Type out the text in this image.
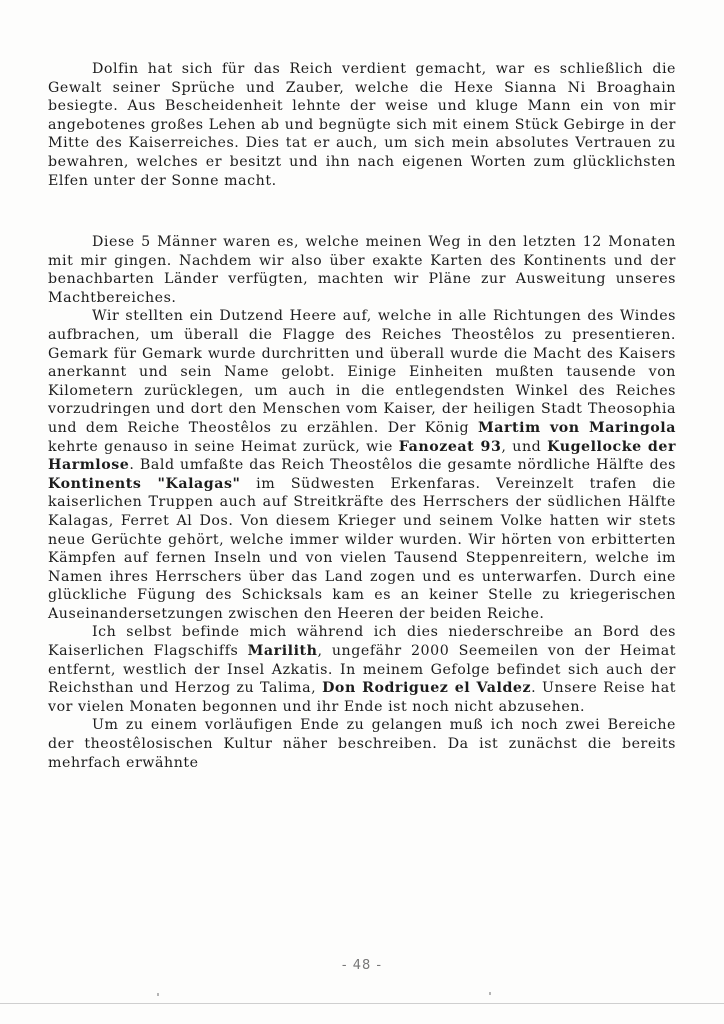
Dolfin hat sich für das Reich verdient gemacht, war es schließlich die Gewalt seiner Sprüche und Zauber, welche die Hexe Sianna Ni Broaghain besiegte. Aus Bescheidenheit lehnte der weise und kluge Mann ein von mir angebotenes großes Lehen ab und begnügte sich mit einem Stück Gebirge in der Mitte des Kaiserreiches. Dies tat er auch, um sich mein absolutes Vertrauen zu bewahren, welches er besitzt und ihn nach eigenen Worten zum glücklichsten Elfen unter der Sonne macht.

Diese 5 Männer waren es, welche meinen Weg in den letzten 12 Monaten mit mir gingen. Nachdem wir also über exakte Karten des Kontinents und der benachbarten Länder verfügten, machten wir Pläne zur Ausweitung unseres Machtbereiches.

Wir stellten ein Dutzend Heere auf, welche in alle Richtungen des Windes aufbrachen, um überall die Flagge des Reiches Theostêlos zu presentieren. Gemark für Gemark wurde durchritten und überall wurde die Macht des Kaisers anerkannt und sein Name gelobt. Einige Einheiten mußten tausende von Kilometern zurücklegen, um auch in die entlegendsten Winkel des Reiches vorzudringen und dort den Menschen vom Kaiser, der heiligen Stadt Theosophia und dem Reiche Theostêlos zu erzählen. Der König Martim von Maringola kehrte genauso in seine Heimat zurück, wie Fanozeat 93, und Kugellocke der Harmlose. Bald umfaßte das Reich Theostêlos die gesamte nördliche Hälfte des Kontinents "Kalagas" im Südwesten Erkenfaras. Vereinzelt trafen die kaiserlichen Truppen auch auf Streitkräfte des Herrschers der südlichen Hälfte Kalagas, Ferret Al Dos. Von diesem Krieger und seinem Volke hatten wir stets neue Gerüchte gehört, welche immer wilder wurden. Wir hörten von erbitterten Kämpfen auf fernen Inseln und von vielen Tausend Steppenreitern, welche im Namen ihres Herrschers über das Land zogen und es unterwarfen. Durch eine glückliche Fügung des Schicksals kam es an keiner Stelle zu kriegerischen Auseinandersetzungen zwischen den Heeren der beiden Reiche.

Ich selbst befinde mich während ich dies niederschreibe an Bord des Kaiserlichen Flagschiffs Marilith, ungefähr 2000 Seemeilen von der Heimat entfernt, westlich der Insel Azkatis. In meinem Gefolge befindet sich auch der Reichsthan und Herzog zu Talima, Don Rodriguez el Valdez. Unsere Reise hat vor vielen Monaten begonnen und ihr Ende ist noch nicht abzusehen.

Um zu einem vorläufigen Ende zu gelangen muß ich noch zwei Bereiche der theostêlosischen Kultur näher beschreiben. Da ist zunächst die bereits mehrfach erwähnte

- 48 -
